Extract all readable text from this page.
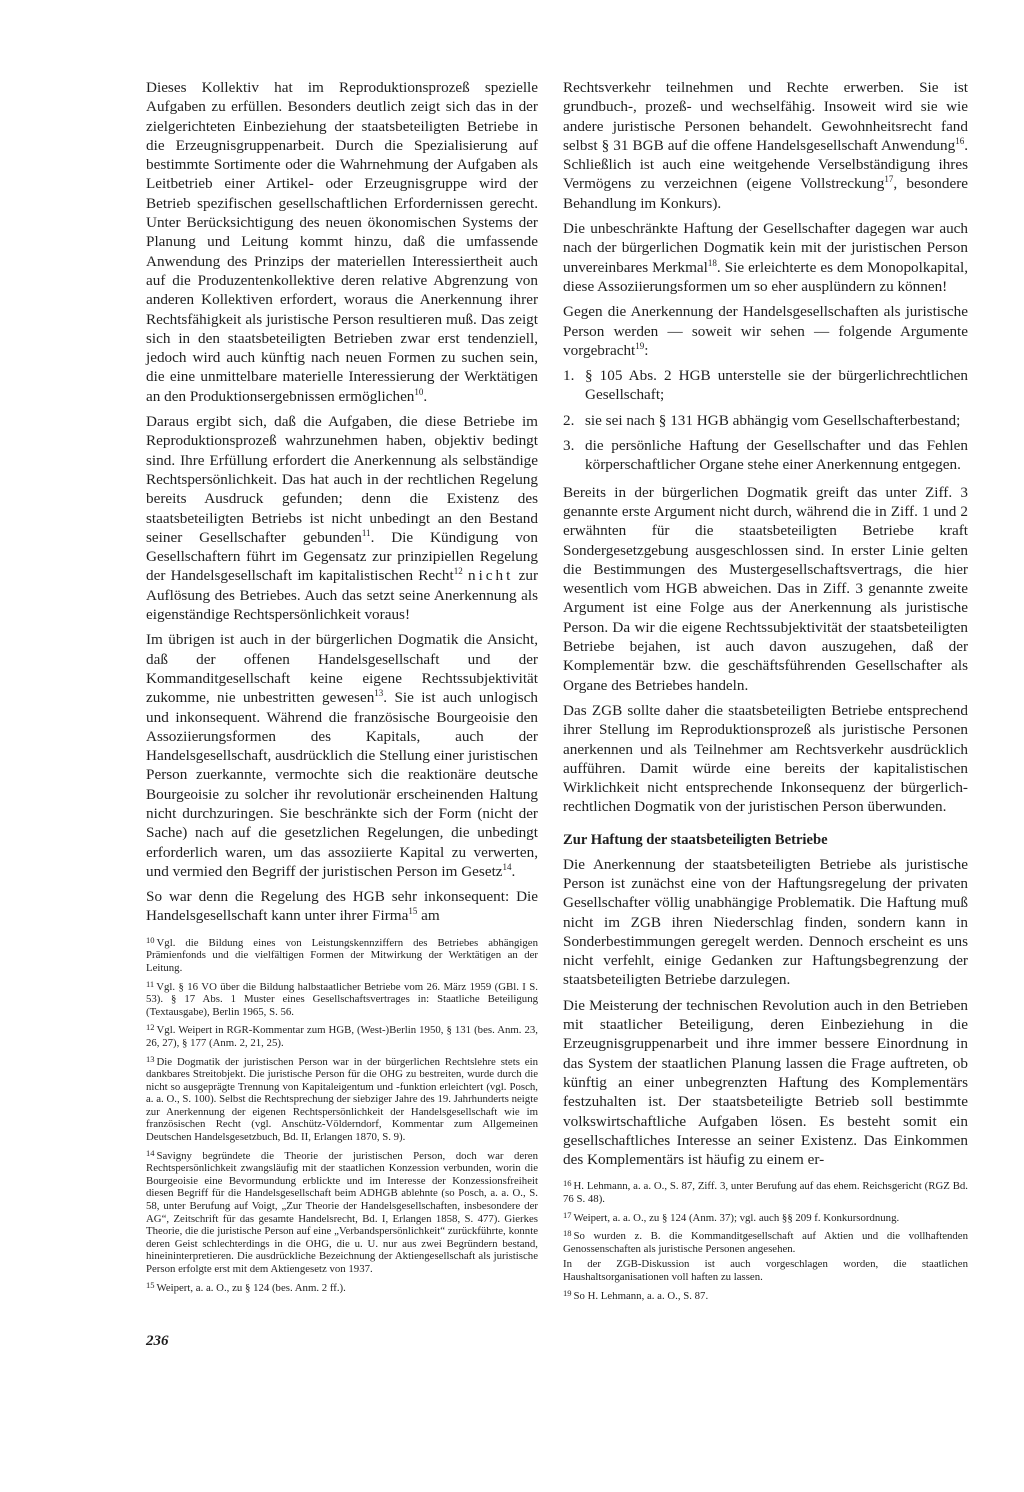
Dieses Kollektiv hat im Reproduktionsprozeß spezielle Aufgaben zu erfüllen. Besonders deutlich zeigt sich das in der zielgerichteten Einbeziehung der staatsbeteiligten Betriebe in die Erzeugnisgruppenarbeit. Durch die Spezialisierung auf bestimmte Sortimente oder die Wahrnehmung der Aufgaben als Leitbetrieb einer Artikel- oder Erzeugnisgruppe wird der Betrieb spezifischen gesellschaftlichen Erfordernissen gerecht. Unter Berücksichtigung des neuen ökonomischen Systems der Planung und Leitung kommt hinzu, daß die umfassende Anwendung des Prinzips der materiellen Interessiertheit auch auf die Produzentenkollektive deren relative Abgrenzung von anderen Kollektiven erfordert, woraus die Anerkennung ihrer Rechtsfähigkeit als juristische Person resultieren muß. Das zeigt sich in den staatsbeteiligten Betrieben zwar erst tendenziell, jedoch wird auch künftig nach neuen Formen zu suchen sein, die eine unmittelbare materielle Interessierung der Werktätigen an den Produktionsergebnissen ermöglichen$^{10}$.

Daraus ergibt sich, daß die Aufgaben, die diese Betriebe im Reproduktionsprozeß wahrzunehmen haben, objektiv bedingt sind. Ihre Erfüllung erfordert die Anerkennung als selbständige Rechtspersönlichkeit. Das hat auch in der rechtlichen Regelung bereits Ausdruck gefunden; denn die Existenz des staatsbeteiligten Betriebs ist nicht unbedingt an den Bestand seiner Gesellschafter gebunden$^{11}$. Die Kündigung von Gesellschaftern führt im Gegensatz zur prinzipiellen Regelung der Handelsgesellschaft im kapitalistischen Recht$^{12}$ nicht zur Auflösung des Betriebes. Auch das setzt seine Anerkennung als eigenständige Rechtspersönlichkeit voraus!

Im übrigen ist auch in der bürgerlichen Dogmatik die Ansicht, daß der offenen Handelsgesellschaft und der Kommanditgesellschaft keine eigene Rechtssubjektivität zukomme, nie unbestritten gewesen$^{13}$. Sie ist auch unlogisch und inkonsequent. Während die französische Bourgeoisie den Assoziierungsformen des Kapitals, auch der Handelsgesellschaft, ausdrücklich die Stellung einer juristischen Person zuerkannte, vermochte sich die reaktionäre deutsche Bourgeoisie zu solcher ihr revolutionär erscheinenden Haltung nicht durchzuringen. Sie beschränkte sich der Form (nicht der Sache) nach auf die gesetzlichen Regelungen, die unbedingt erforderlich waren, um das assoziierte Kapital zu verwerten, und vermied den Begriff der juristischen Person im Gesetz$^{14}$.

So war denn die Regelung des HGB sehr inkonsequent: Die Handelsgesellschaft kann unter ihrer Firma$^{15}$ am

$^{10}$ Vgl. die Bildung eines von Leistungskennziffern des Betriebes abhängigen Prämienfonds und die vielfältigen Formen der Mitwirkung der Werktätigen an der Leitung.

$^{11}$ Vgl. § 16 VO über die Bildung halbstaatlicher Betriebe vom 26. März 1959 (GBl. I S. 53). § 17 Abs. 1 Muster eines Gesellschaftsvertrages in: Staatliche Beteiligung (Textausgabe), Berlin 1965, S. 56.

$^{12}$ Vgl. Weipert in RGR-Kommentar zum HGB, (West-)Berlin 1950, § 131 (bes. Anm. 23, 26, 27), § 177 (Anm. 2, 21, 25).

$^{13}$ Die Dogmatik der juristischen Person war in der bürgerlichen Rechtslehre stets ein dankbares Streitobjekt. Die juristische Person für die OHG zu bestreiten, wurde durch die nicht so ausgeprägte Trennung von Kapitaleigentum und -funktion erleichtert (vgl. Posch, a. a. O., S. 100). Selbst die Rechtsprechung der siebziger Jahre des 19. Jahrhunderts neigte zur Anerkennung der eigenen Rechtspersönlichkeit der Handelsgesellschaft wie im französischen Recht (vgl. Anschütz-Völderndorf, Kommentar zum Allgemeinen Deutschen Handelsgesetzbuch, Bd. II, Erlangen 1870, S. 9).

$^{14}$ Savigny begründete die Theorie der juristischen Person, doch war deren Rechtspersönlichkeit zwangsläufig mit der staatlichen Konzession verbunden, worin die Bourgeoisie eine Bevormundung erblickte und im Interesse der Konzessionsfreiheit diesen Begriff für die Handelsgesellschaft beim ADHGB ablehnte (so Posch, a. a. O., S. 58, unter Berufung auf Voigt, „Zur Theorie der Handelsgesellschaften, insbesondere der AG“, Zeitschrift für das gesamte Handelsrecht, Bd. I, Erlangen 1858, S. 477). Gierkes Theorie, die die juristische Person auf eine „Verbandspersönlichkeit“ zurückführte, konnte deren Geist schlechterdings in die OHG, die u. U. nur aus zwei Begründern bestand, hineininterpretieren. Die ausdrückliche Bezeichnung der Aktiengesellschaft als juristische Person erfolgte erst mit dem Aktiengesetz von 1937.

$^{15}$ Weipert, a. a. O., zu § 124 (bes. Anm. 2 ff.).

Rechtsverkehr teilnehmen und Rechte erwerben. Sie ist grundbuch-, prozeß- und wechselfähig. Insoweit wird sie wie andere juristische Personen behandelt. Gewohnheitsrecht fand selbst § 31 BGB auf die offene Handelsgesellschaft Anwendung$^{16}$. Schließlich ist auch eine weitgehende Verselbständigung ihres Vermögens zu verzeichnen (eigene Vollstreckung$^{17}$, besondere Behandlung im Konkurs).

Die unbeschränkte Haftung der Gesellschafter dagegen war auch nach der bürgerlichen Dogmatik kein mit der juristischen Person unvereinbares Merkmal$^{18}$. Sie erleichterte es dem Monopolkapital, diese Assoziierungsformen um so eher ausplündern zu können!

Gegen die Anerkennung der Handelsgesellschaften als juristische Person werden — soweit wir sehen — folgende Argumente vorgebracht$^{19}$:

1. § 105 Abs. 2 HGB unterstelle sie der bürgerlichrechtlichen Gesellschaft;
2. sie sei nach § 131 HGB abhängig vom Gesellschafterbestand;
3. die persönliche Haftung der Gesellschafter und das Fehlen körperschaftlicher Organe stehe einer Anerkennung entgegen.

Bereits in der bürgerlichen Dogmatik greift das unter Ziff. 3 genannte erste Argument nicht durch, während die in Ziff. 1 und 2 erwähnten für die staatsbeteiligten Betriebe kraft Sondergesetzgebung ausgeschlossen sind. In erster Linie gelten die Bestimmungen des Mustergesellschaftsvertrags, die hier wesentlich vom HGB abweichen. Das in Ziff. 3 genannte zweite Argument ist eine Folge aus der Anerkennung als juristische Person. Da wir die eigene Rechtssubjektivität der staatsbeteiligten Betriebe bejahen, ist auch davon auszugehen, daß der Komplementär bzw. die geschäftsführenden Gesellschafter als Organe des Betriebes handeln.

Das ZGB sollte daher die staatsbeteiligten Betriebe entsprechend ihrer Stellung im Reproduktionsprozeß als juristische Personen anerkennen und als Teilnehmer am Rechtsverkehr ausdrücklich aufführen. Damit würde eine bereits der kapitalistischen Wirklichkeit nicht entsprechende Inkonsequenz der bürgerlich-rechtlichen Dogmatik von der juristischen Person überwunden.

Zur Haftung der staatsbeteiligten Betriebe

Die Anerkennung der staatsbeteiligten Betriebe als juristische Person ist zunächst eine von der Haftungsregelung der privaten Gesellschafter völlig unabhängige Problematik. Die Haftung muß nicht im ZGB ihren Niederschlag finden, sondern kann in Sonderbestimmungen geregelt werden. Dennoch erscheint es uns nicht verfehlt, einige Gedanken zur Haftungsbegrenzung der staatsbeteiligten Betriebe darzulegen.

Die Meisterung der technischen Revolution auch in den Betrieben mit staatlicher Beteiligung, deren Einbeziehung in die Erzeugnisgruppenarbeit und ihre immer bessere Einordnung in das System der staatlichen Planung lassen die Frage auftreten, ob künftig an einer unbegrenzten Haftung des Komplementärs festzuhalten ist. Der staatsbeteiligte Betrieb soll bestimmte volkswirtschaftliche Aufgaben lösen. Es besteht somit ein gesellschaftliches Interesse an seiner Existenz. Das Einkommen des Komplementärs ist häufig zu einem er-

$^{16}$ H. Lehmann, a. a. O., S. 87, Ziff. 3, unter Berufung auf das ehem. Reichsgericht (RGZ Bd. 76 S. 48).

$^{17}$ Weipert, a. a. O., zu § 124 (Anm. 37); vgl. auch §§ 209 f. Konkursordnung.

$^{18}$ So wurden z. B. die Kommanditgesellschaft auf Aktien und die vollhaftenden Genossenschaften als juristische Personen angesehen.

In der ZGB-Diskussion ist auch vorgeschlagen worden, die staatlichen Haushaltsorganisationen voll haften zu lassen.

$^{19}$ So H. Lehmann, a. a. O., S. 87.

236
